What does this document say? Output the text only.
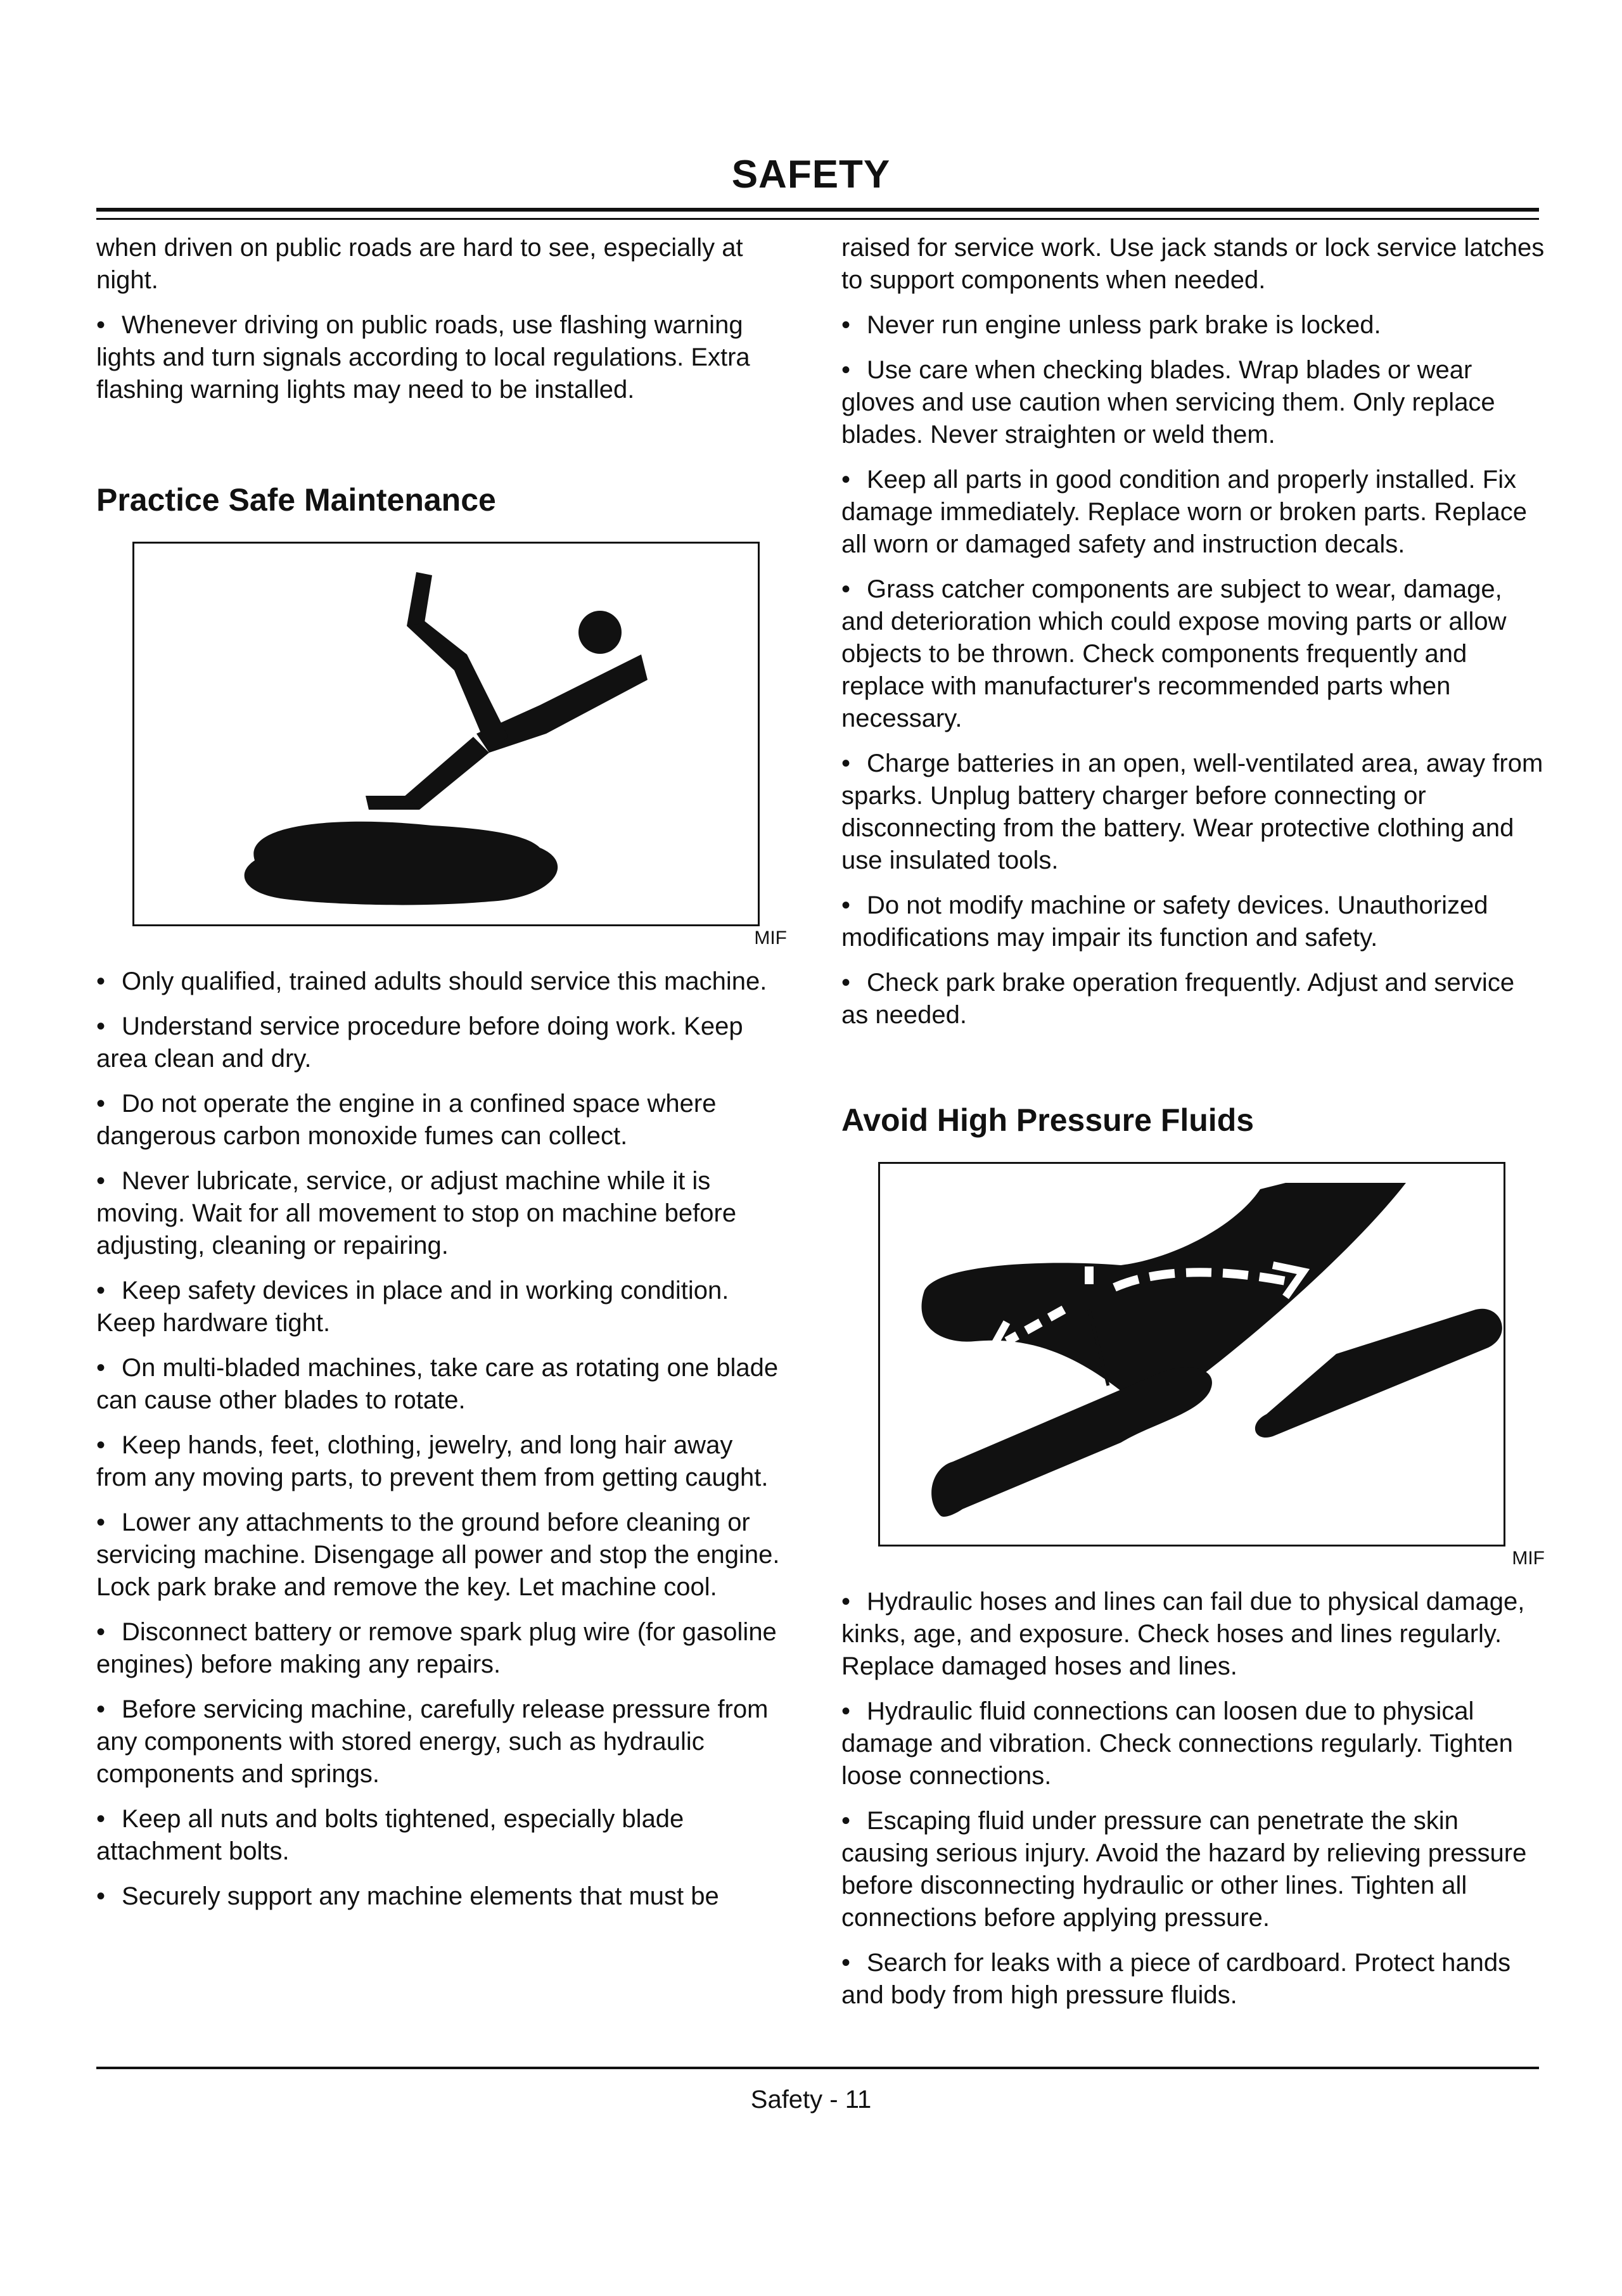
SAFETY

when driven on public roads are hard to see, especially at night.

• Whenever driving on public roads, use flashing warning lights and turn signals according to local regulations. Extra flashing warning lights may need to be installed.

Practice Safe Maintenance

MIF

• Only qualified, trained adults should service this machine.

• Understand service procedure before doing work. Keep area clean and dry.

• Do not operate the engine in a confined space where dangerous carbon monoxide fumes can collect.

• Never lubricate, service, or adjust machine while it is moving. Wait for all movement to stop on machine before adjusting, cleaning or repairing.

• Keep safety devices in place and in working condition. Keep hardware tight.

• On multi-bladed machines, take care as rotating one blade can cause other blades to rotate.

• Keep hands, feet, clothing, jewelry, and long hair away from any moving parts, to prevent them from getting caught.

• Lower any attachments to the ground before cleaning or servicing machine. Disengage all power and stop the engine. Lock park brake and remove the key. Let machine cool.

• Disconnect battery or remove spark plug wire (for gasoline engines) before making any repairs.

• Before servicing machine, carefully release pressure from any components with stored energy, such as hydraulic components and springs.

• Keep all nuts and bolts tightened, especially blade attachment bolts.

• Securely support any machine elements that must be

raised for service work. Use jack stands or lock service latches to support components when needed.

• Never run engine unless park brake is locked.

• Use care when checking blades. Wrap blades or wear gloves and use caution when servicing them. Only replace blades. Never straighten or weld them.

• Keep all parts in good condition and properly installed. Fix damage immediately. Replace worn or broken parts. Replace all worn or damaged safety and instruction decals.

• Grass catcher components are subject to wear, damage, and deterioration which could expose moving parts or allow objects to be thrown. Check components frequently and replace with manufacturer's recommended parts when necessary.

• Charge batteries in an open, well-ventilated area, away from sparks. Unplug battery charger before connecting or disconnecting from the battery. Wear protective clothing and use insulated tools.

• Do not modify machine or safety devices. Unauthorized modifications may impair its function and safety.

• Check park brake operation frequently. Adjust and service as needed.

Avoid High Pressure Fluids

MIF

• Hydraulic hoses and lines can fail due to physical damage, kinks, age, and exposure. Check hoses and lines regularly. Replace damaged hoses and lines.

• Hydraulic fluid connections can loosen due to physical damage and vibration. Check connections regularly. Tighten loose connections.

• Escaping fluid under pressure can penetrate the skin causing serious injury. Avoid the hazard by relieving pressure before disconnecting hydraulic or other lines. Tighten all connections before applying pressure.

• Search for leaks with a piece of cardboard. Protect hands and body from high pressure fluids.

Safety - 11
